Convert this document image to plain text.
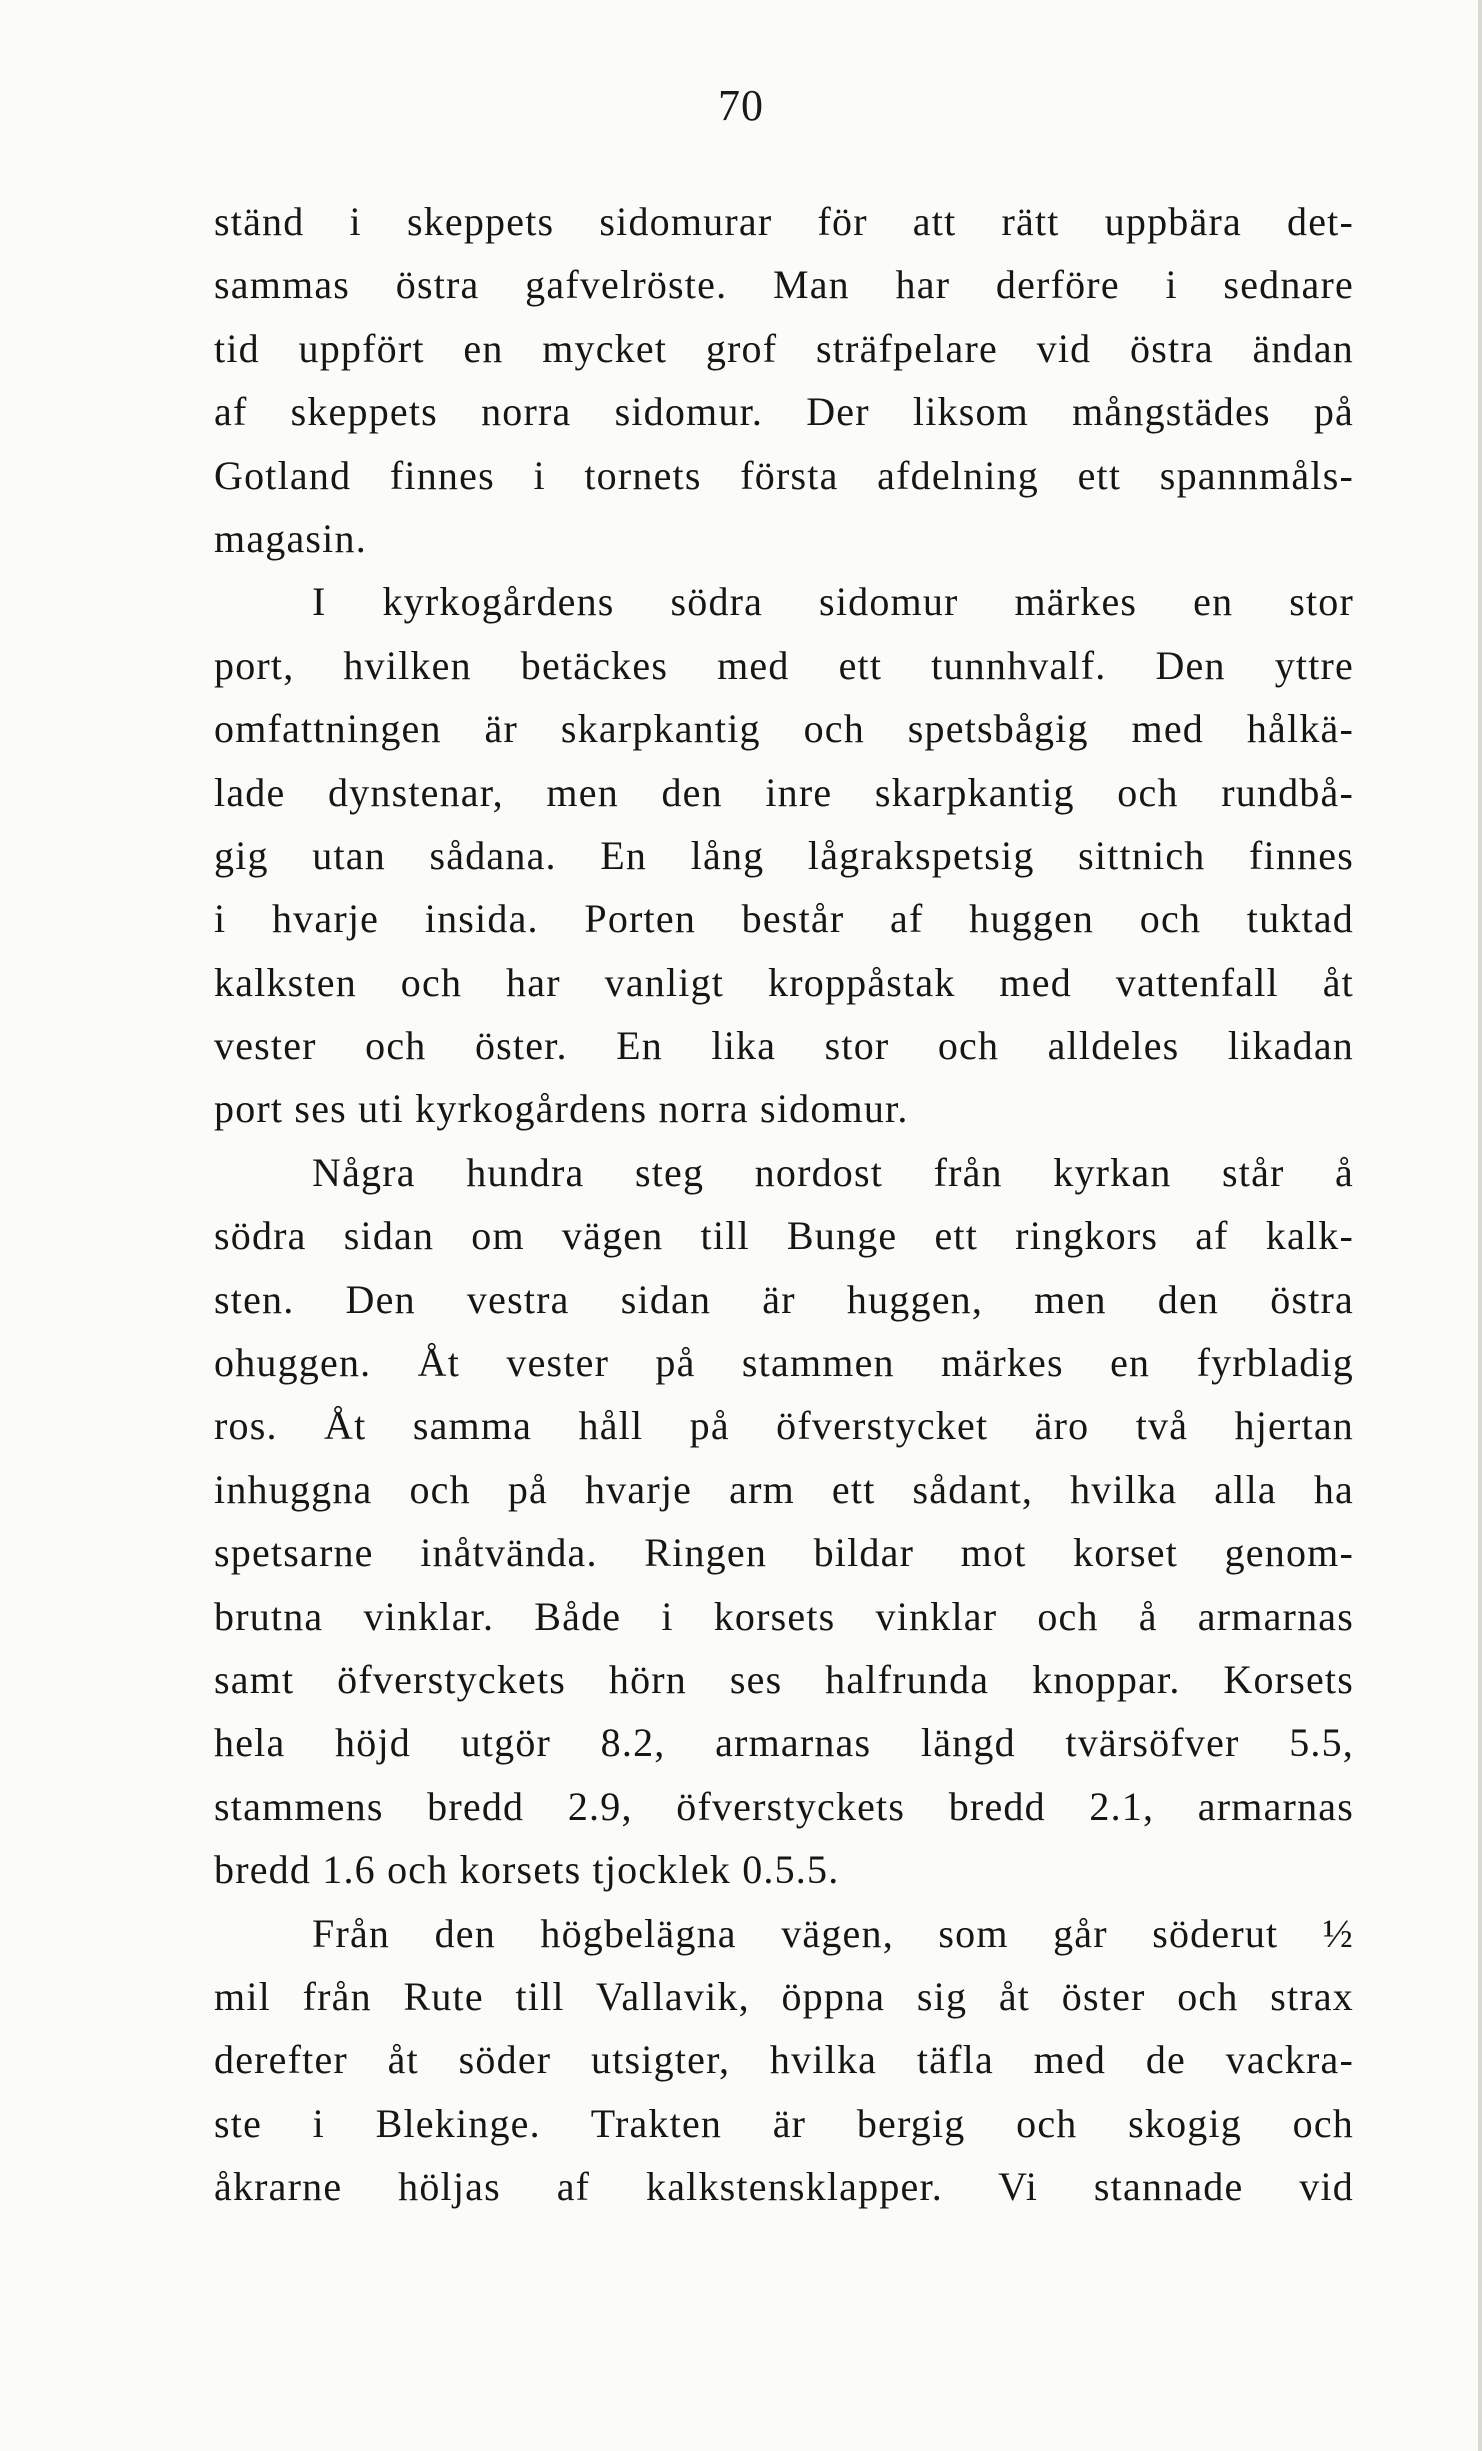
70
ständ i skeppets sidomurar för att rätt uppbära det-
sammas östra gafvelröste. Man har derföre i sednare
tid uppfört en mycket grof sträfpelare vid östra ändan
af skeppets norra sidomur. Der liksom mångstädes på
Gotland finnes i tornets första afdelning ett spannmåls-
magasin.
I kyrkogårdens södra sidomur märkes en stor
port, hvilken betäckes med ett tunnhvalf. Den yttre
omfattningen är skarpkantig och spetsbågig med hålkä-
lade dynstenar, men den inre skarpkantig och rundbå-
gig utan sådana. En lång lågrakspetsig sittnich finnes
i hvarje insida. Porten består af huggen och tuktad
kalksten och har vanligt kroppåstak med vattenfall åt
vester och öster. En lika stor och alldeles likadan
port ses uti kyrkogårdens norra sidomur.
Några hundra steg nordost från kyrkan står å
södra sidan om vägen till Bunge ett ringkors af kalk-
sten. Den vestra sidan är huggen, men den östra
ohuggen. Åt vester på stammen märkes en fyrbladig
ros. Åt samma håll på öfverstycket äro två hjertan
inhuggna och på hvarje arm ett sådant, hvilka alla ha
spetsarne inåtvända. Ringen bildar mot korset genom-
brutna vinklar. Både i korsets vinklar och å armarnas
samt öfverstyckets hörn ses halfrunda knoppar. Korsets
hela höjd utgör 8.2, armarnas längd tvärsöfver 5.5,
stammens bredd 2.9, öfverstyckets bredd 2.1, armarnas
bredd 1.6 och korsets tjocklek 0.5.5.
Från den högbelägna vägen, som går söderut ½
mil från Rute till Vallavik, öppna sig åt öster och strax
derefter åt söder utsigter, hvilka täfla med de vackra-
ste i Blekinge. Trakten är bergig och skogig och
åkrarne höljas af kalkstensklapper. Vi stannade vid
